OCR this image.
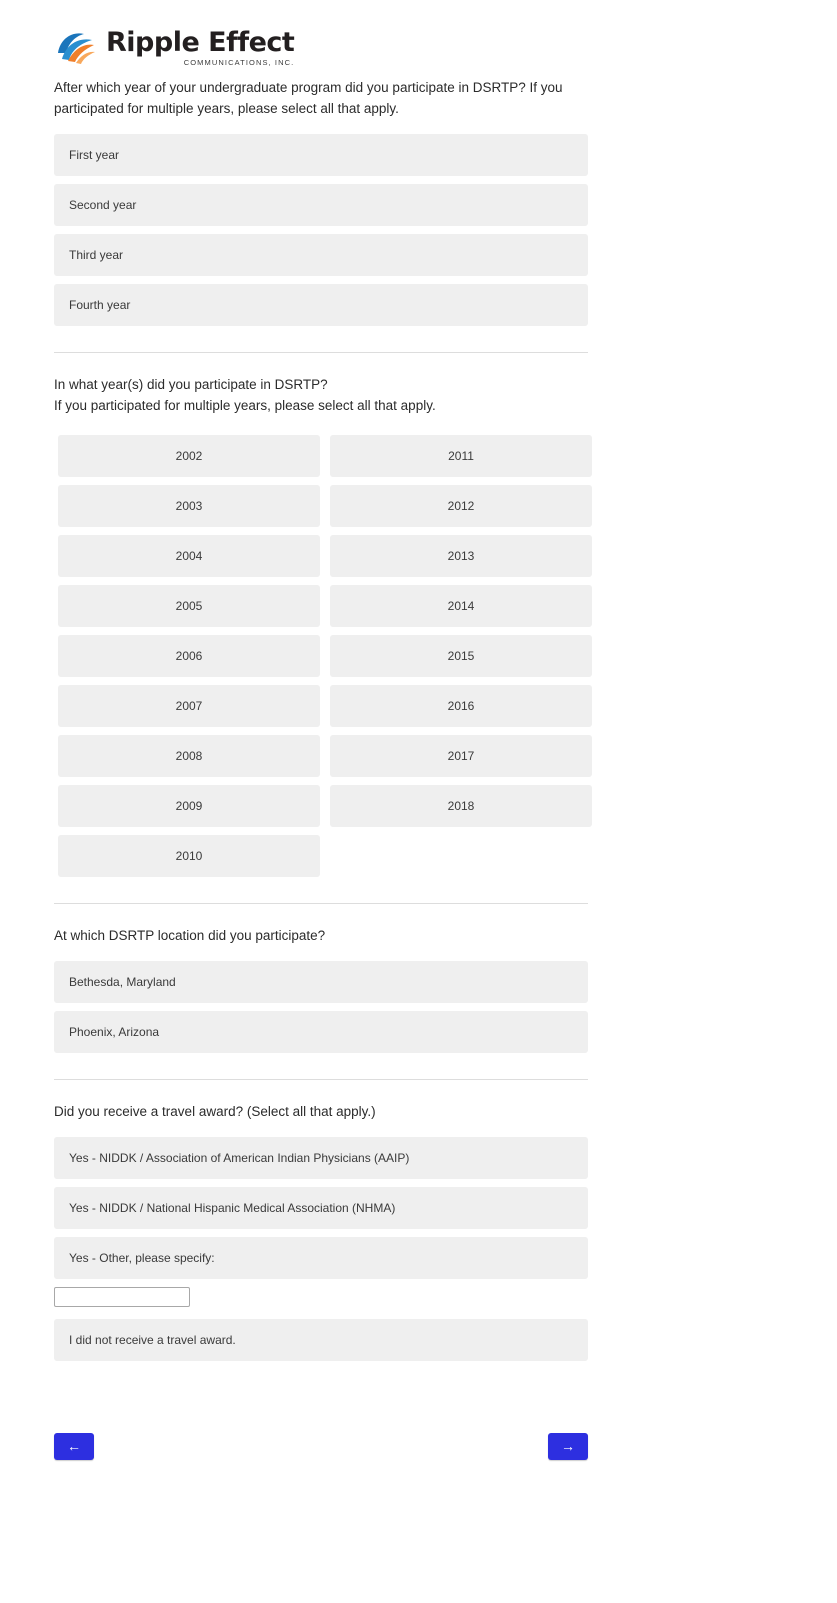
Ripple Effect
COMMUNICATIONS, INC.
After which year of your undergraduate program did you participate in DSRTP? If you
participated for multiple years, please select all that apply.
First year
Second year
Third year
Fourth year
In what year(s) did you participate in DSRTP?
If you participated for multiple years, please select all that apply.
2002	2011
2003	2012
2004	2013
2005	2014
2006	2015
2007	2016
2008	2017
2009	2018
2010
At which DSRTP location did you participate?
Bethesda, Maryland
Phoenix, Arizona
Did you receive a travel award? (Select all that apply.)
Yes - NIDDK / Association of American Indian Physicians (AAIP)
Yes - NIDDK / National Hispanic Medical Association (NHMA)
Yes - Other, please specify:
I did not receive a travel award.
←	→
